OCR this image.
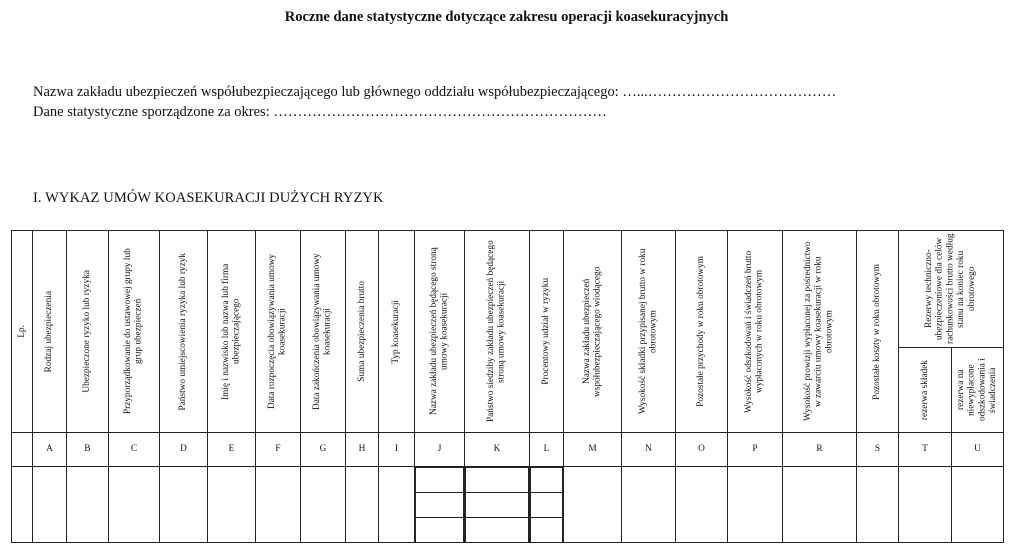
Roczne dane statystyczne dotyczące zakresu operacji koasekuracyjnych
Nazwa zakładu ubezpieczeń współubezpieczającego lub głównego oddziału współubezpieczającego: …...…………………………………
Dane statystyczne sporządzone za okres: ……………………………………………………………
I. WYKAZ UMÓW KOASEKURACJI DUŻYCH RYZYK
Lp.	Rodzaj ubezpieczenia	Ubezpieczone ryzyko lub ryzyka	Przyporządkowanie do ustawowej grupy lub grup ubezpieczeń	Państwo umiejscowienia ryzyka lub ryzyk	Imię i nazwisko lub nazwa lub firma ubezpieczającego	Data rozpoczęcia obowiązywania umowy koasekuracji	Data zakończenia obowiązywania umowy koasekuracji	Suma ubezpieczenia brutto	Typ koasekuracji	Nazwa zakładu ubezpieczeń będącego stroną umowy koasekuracji	Państwo siedziby zakładu ubezpieczeń będącego stroną umowy koasekuracji	Procentowy udział w ryzyku	Nazwa zakładu ubezpieczeń współubezpieczającego wiodącego	Wysokość składki przypisanej brutto w roku obrotowym	Pozostałe przychody w roku obrotowym	Wysokość odszkodowań i świadczeń brutto wypłaconych w roku obrotowym	Wysokość prowizji wypłaconej za pośrednictwo w zawarciu umowy koasekuracji w roku obrotowym	Pozostałe koszty w roku obrotowym	Rezerwy techniczno-ubezpieczeniowe dla celów rachunkowości brutto według stanu na koniec roku obrotowego

rezerwa składek	rezerwa na niewypłacone odszkodowania i świadczenia

	A	B	C	D	E	F	G	H	I	J	K	L	M	N	O	P	R	S	T	U
